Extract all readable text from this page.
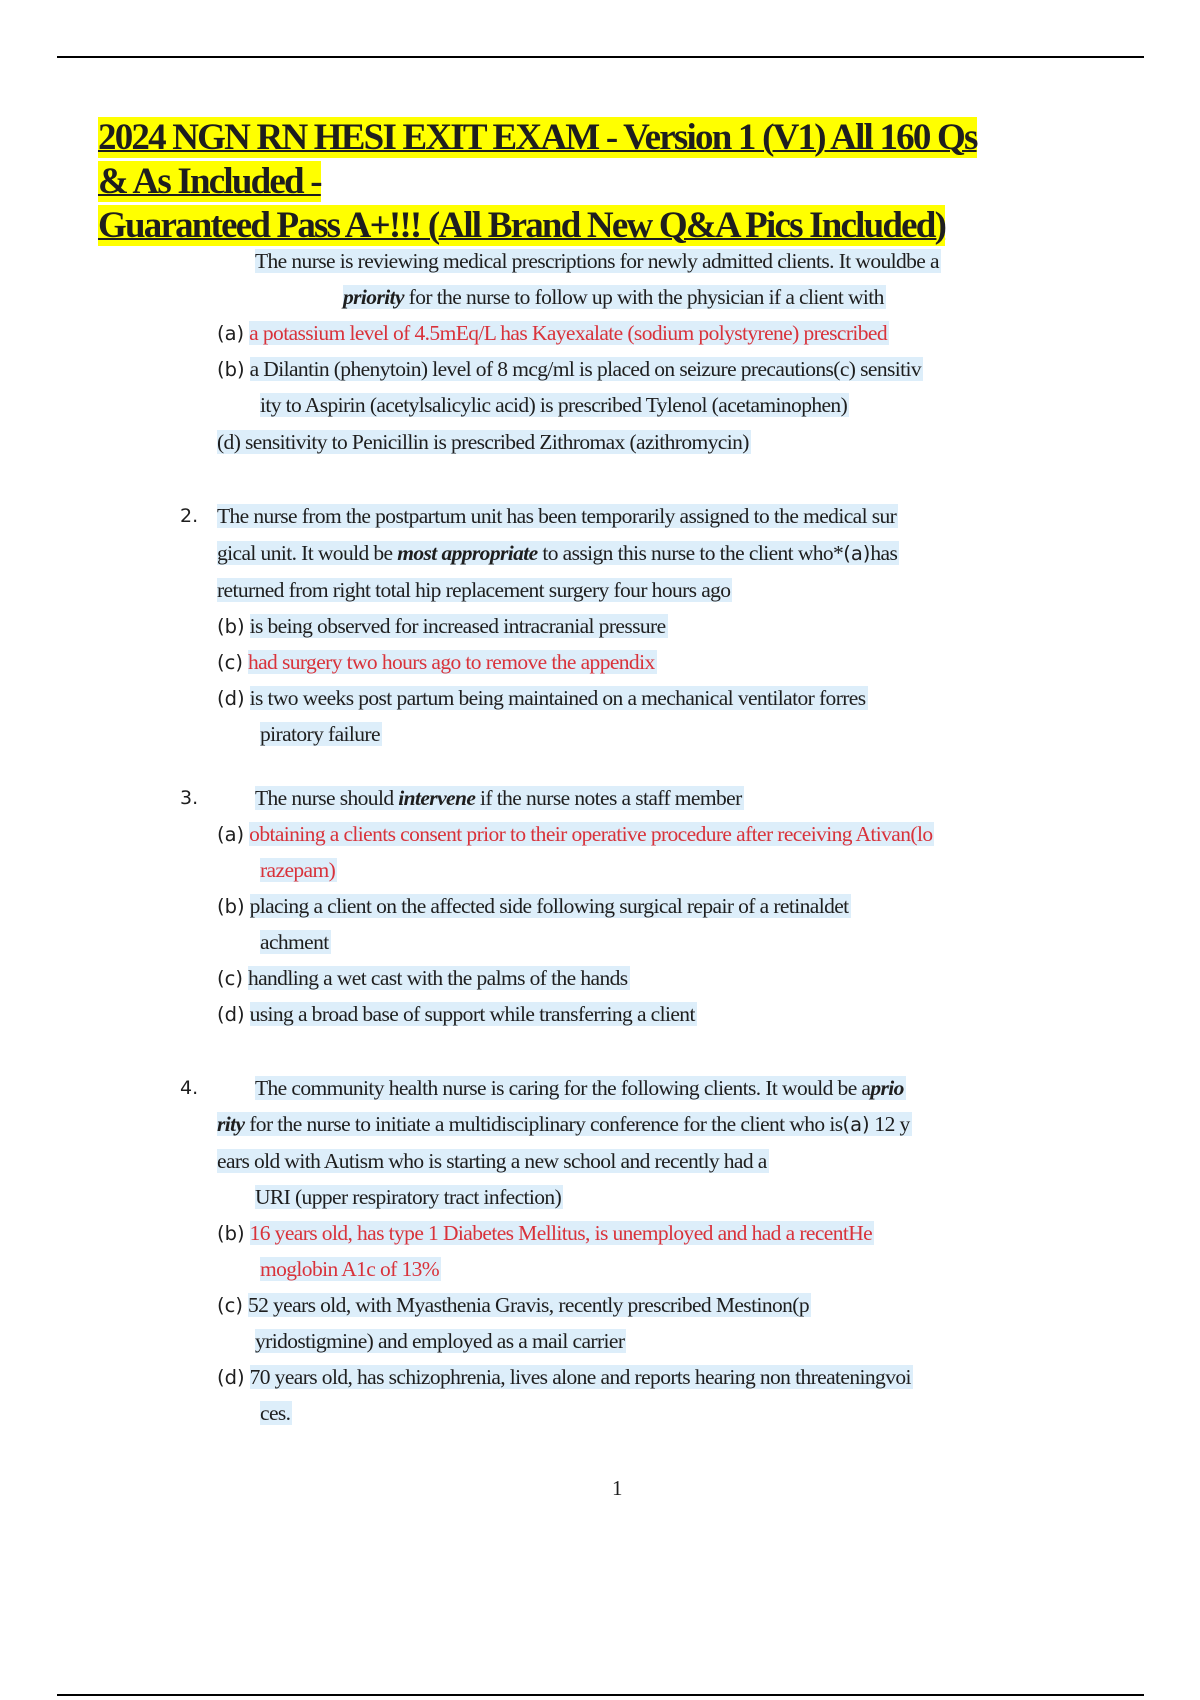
2024 NGN RN HESI EXIT EXAM - Version 1 (V1) All 160 Qs
& As Included -
Guaranteed Pass A+!!! (All Brand New Q&A Pics Included)
The nurse is reviewing medical prescriptions for newly admitted clients. It wouldbe a
priority for the nurse to follow up with the physician if a client with
(a) a potassium level of 4.5mEq/L has Kayexalate (sodium polystyrene) prescribed
(b) a Dilantin (phenytoin) level of 8 mcg/ml is placed on seizure precautions(c) sensitiv
ity to Aspirin (acetylsalicylic acid) is prescribed Tylenol (acetaminophen)
(d) sensitivity to Penicillin is prescribed Zithromax (azithromycin)
2. The nurse from the postpartum unit has been temporarily assigned to the medical sur
gical unit. It would be most appropriate to assign this nurse to the client who*(a)has
returned from right total hip replacement surgery four hours ago
(b) is being observed for increased intracranial pressure
(c) had surgery two hours ago to remove the appendix
(d) is two weeks post partum being maintained on a mechanical ventilator forres
piratory failure
3.	The nurse should intervene if the nurse notes a staff member
(a) obtaining a clients consent prior to their operative procedure after receiving Ativan(lo
razepam)
(b) placing a client on the affected side following surgical repair of a retinaldet
achment
(c) handling a wet cast with the palms of the hands
(d) using a broad base of support while transferring a client
4.	The community health nurse is caring for the following clients. It would be aprio
rity for the nurse to initiate a multidisciplinary conference for the client who is(a) 12 y
ears old with Autism who is starting a new school and recently had a
URI (upper respiratory tract infection)
(b) 16 years old, has type 1 Diabetes Mellitus, is unemployed and had a recentHe
moglobin A1c of 13%
(c) 52 years old, with Myasthenia Gravis, recently prescribed Mestinon(p
yridostigmine) and employed as a mail carrier
(d) 70 years old, has schizophrenia, lives alone and reports hearing non threateningvoi
ces.
1
